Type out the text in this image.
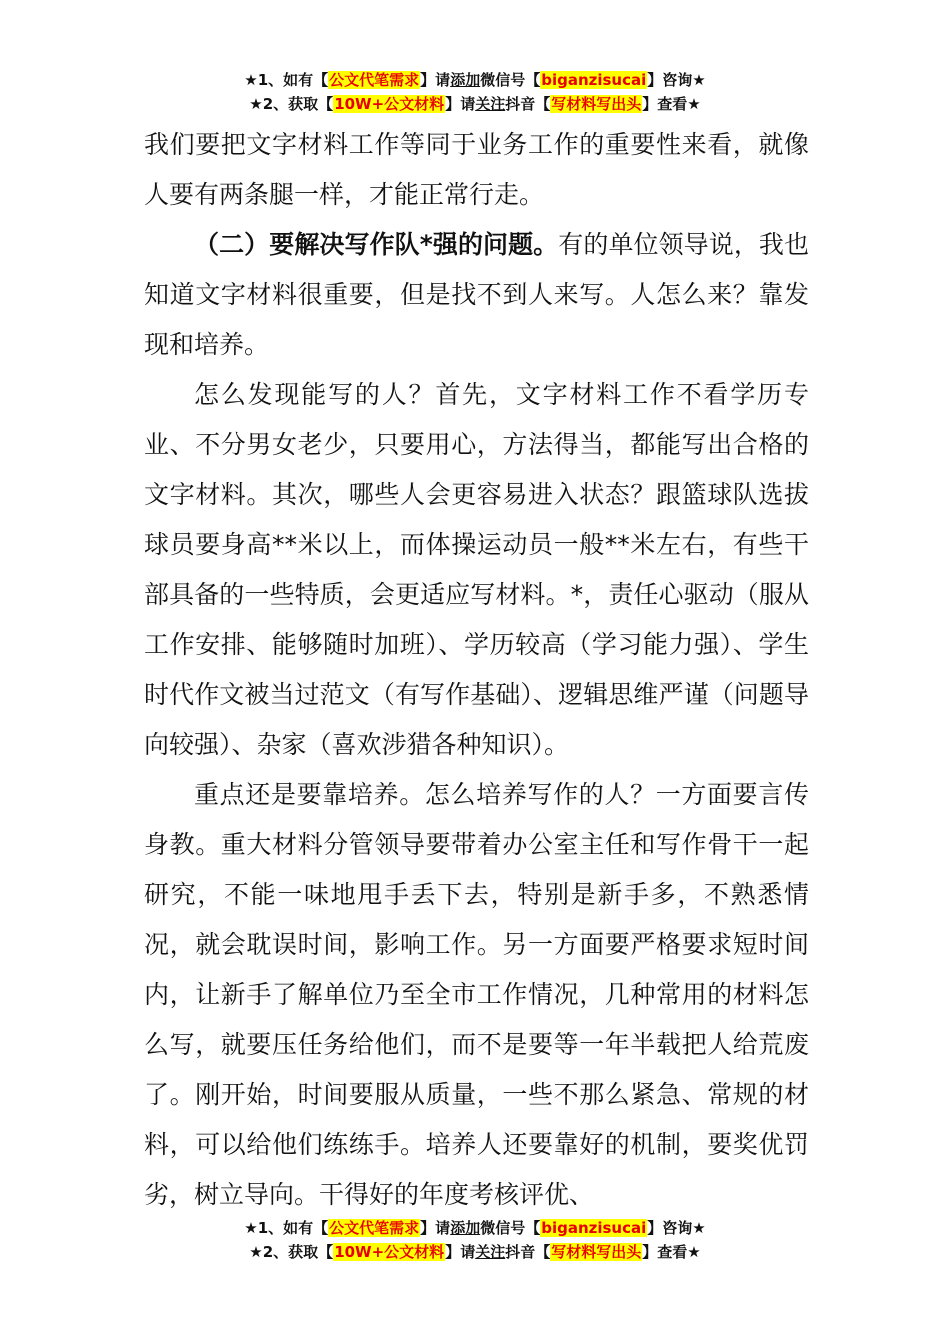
★1、如有【公文代笔需求】请添加微信号【biganzisucai】咨询★
★2、获取【10W+公文材料】请关注抖音【写材料写出头】查看★

我们要把文字材料工作等同于业务工作的重要性来看，就像人要有两条腿一样，才能正常行走。

（二）要解决写作队*强的问题。有的单位领导说，我也知道文字材料很重要，但是找不到人来写。人怎么来？靠发现和培养。

怎么发现能写的人？首先，文字材料工作不看学历专业、不分男女老少，只要用心，方法得当，都能写出合格的文字材料。其次，哪些人会更容易进入状态？跟篮球队选拔球员要身高**米以上，而体操运动员一般**米左右，有些干部具备的一些特质，会更适应写材料。*，责任心驱动（服从工作安排、能够随时加班）、学历较高（学习能力强）、学生时代作文被当过范文（有写作基础）、逻辑思维严谨（问题导向较强）、杂家（喜欢涉猎各种知识）。

重点还是要靠培养。怎么培养写作的人？一方面要言传身教。重大材料分管领导要带着办公室主任和写作骨干一起研究，不能一味地甩手丢下去，特别是新手多，不熟悉情况，就会耽误时间，影响工作。另一方面要严格要求短时间内，让新手了解单位乃至全市工作情况，几种常用的材料怎么写，就要压任务给他们，而不是要等一年半载把人给荒废了。刚开始，时间要服从质量，一些不那么紧急、常规的材料，可以给他们练练手。培养人还要靠好的机制，要奖优罚劣，树立导向。干得好的年度考核评优、

★1、如有【公文代笔需求】请添加微信号【biganzisucai】咨询★
★2、获取【10W+公文材料】请关注抖音【写材料写出头】查看★
